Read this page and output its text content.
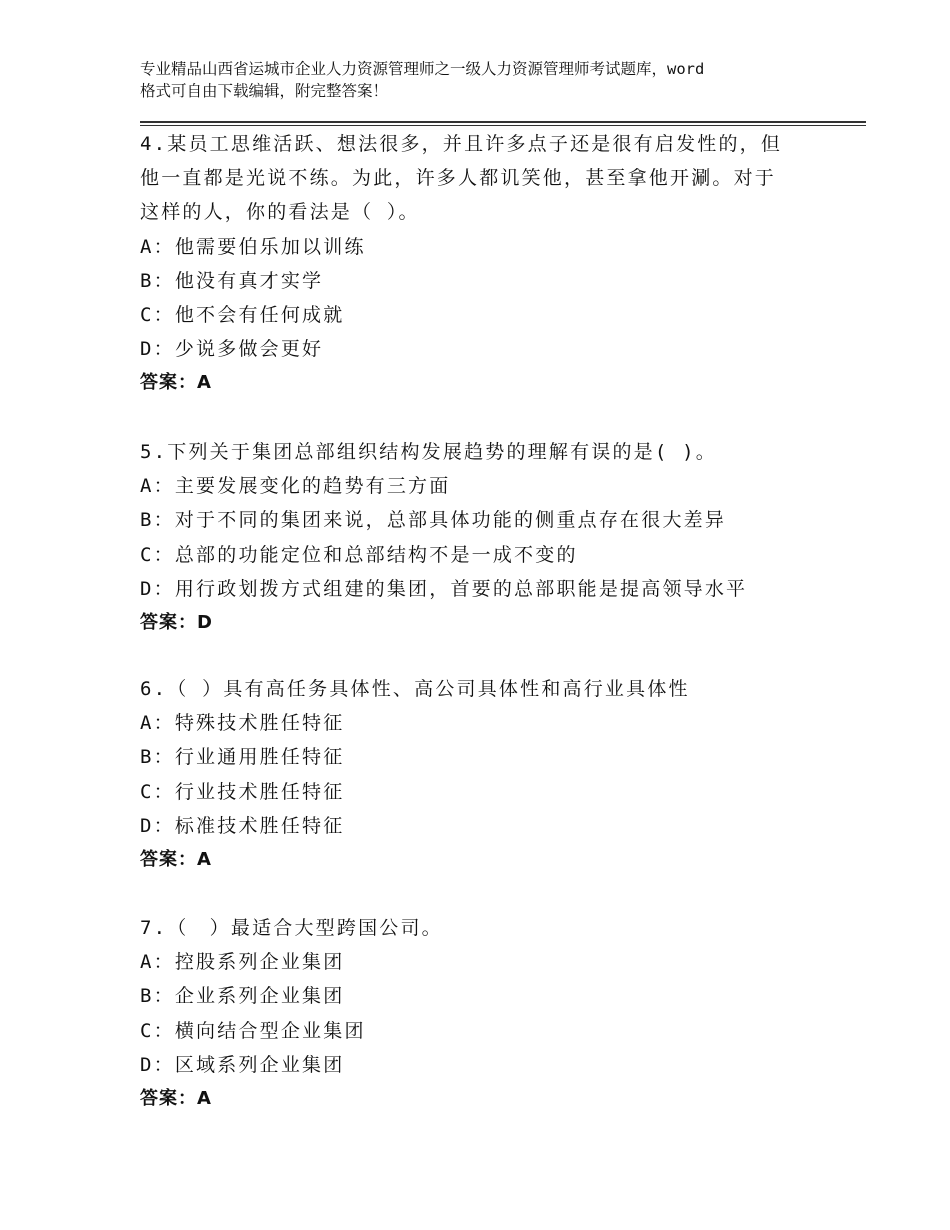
专业精品山西省运城市企业人力资源管理师之一级人力资源管理师考试题库，word
格式可自由下载编辑，附完整答案！
4.某员工思维活跃、想法很多，并且许多点子还是很有启发性的，但
他一直都是光说不练。为此，许多人都讥笑他，甚至拿他开涮。对于
这样的人，你的看法是（ ）。
A：他需要伯乐加以训练
B：他没有真才实学
C：他不会有任何成就
D：少说多做会更好
答案：A
5.下列关于集团总部组织结构发展趋势的理解有误的是( )。
A：主要发展变化的趋势有三方面
B：对于不同的集团来说，总部具体功能的侧重点存在很大差异
C：总部的功能定位和总部结构不是一成不变的
D：用行政划拨方式组建的集团，首要的总部职能是提高领导水平
答案：D
6.（ ）具有高任务具体性、高公司具体性和高行业具体性
A：特殊技术胜任特征
B：行业通用胜任特征
C：行业技术胜任特征
D：标准技术胜任特征
答案：A
7.（　）最适合大型跨国公司。
A：控股系列企业集团
B：企业系列企业集团
C：横向结合型企业集团
D：区域系列企业集团
答案：A
